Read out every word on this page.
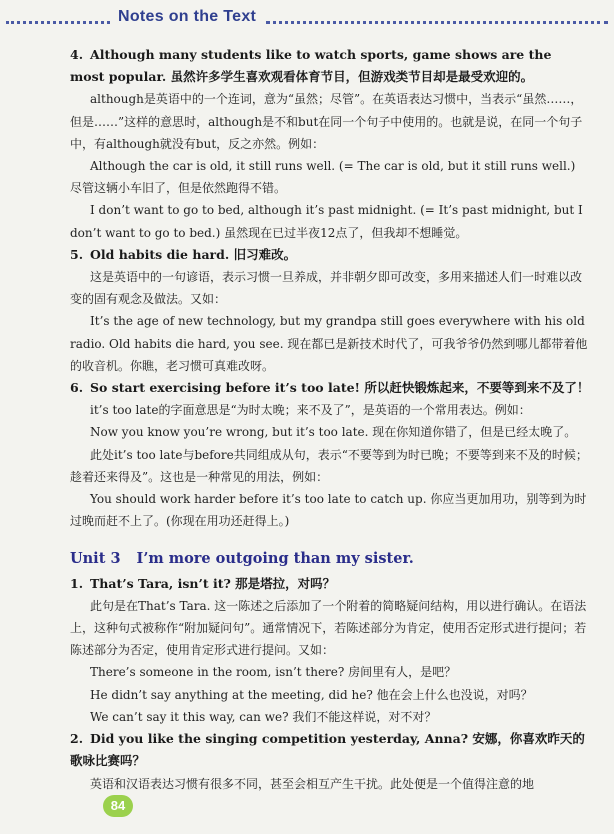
Notes on the Text

4. Although many students like to watch sports, game shows are the most popular. 虽然许多学生喜欢观看体育节目，但游戏类节目却是最受欢迎的。

although是英语中的一个连词，意为“虽然；尽管”。在英语表达习惯中，当表示“虽然……，但是……”这样的意思时，although是不和but在同一个句子中使用的。也就是说，在同一个句子中，有although就没有but，反之亦然。例如：

Although the car is old, it still runs well. (= The car is old, but it still runs well.) 尽管这辆小车旧了，但是依然跑得不错。

I don’t want to go to bed, although it’s past midnight. (= It’s past midnight, but I don’t want to go to bed.) 虽然现在已过半夜12点了，但我却不想睡觉。

5. Old habits die hard. 旧习难改。

这是英语中的一句谚语，表示习惯一旦养成，并非朝夕即可改变，多用来描述人们一时难以改变的固有观念及做法。又如：

It’s the age of new technology, but my grandpa still goes everywhere with his old radio. Old habits die hard, you see. 现在都已是新技术时代了，可我爷爷仍然到哪儿都带着他的收音机。你瞧，老习惯可真难改呀。

6. So start exercising before it’s too late! 所以赶快锻炼起来，不要等到来不及了！

it’s too late的字面意思是“为时太晚；来不及了”，是英语的一个常用表达。例如：

Now you know you’re wrong, but it’s too late. 现在你知道你错了，但是已经太晚了。

此处it’s too late与before共同组成从句，表示“不要等到为时已晚；不要等到来不及的时候；趁着还来得及”。这也是一种常见的用法，例如：

You should work harder before it’s too late to catch up. 你应当更加用功，别等到为时过晚而赶不上了。(你现在用功还赶得上。)

Unit 3 I’m more outgoing than my sister.

1. That’s Tara, isn’t it? 那是塔拉，对吗？

此句是在That’s Tara. 这一陈述之后添加了一个附着的简略疑问结构，用以进行确认。在语法上，这种句式被称作“附加疑问句”。通常情况下，若陈述部分为肯定，使用否定形式进行提问；若陈述部分为否定，使用肯定形式进行提问。又如：

There’s someone in the room, isn’t there? 房间里有人，是吧？

He didn’t say anything at the meeting, did he? 他在会上什么也没说，对吗？

We can’t say it this way, can we? 我们不能这样说，对不对？

2. Did you like the singing competition yesterday, Anna? 安娜，你喜欢昨天的歌咏比赛吗？

英语和汉语表达习惯有很多不同，甚至会相互产生干扰。此处便是一个值得注意的地

84
